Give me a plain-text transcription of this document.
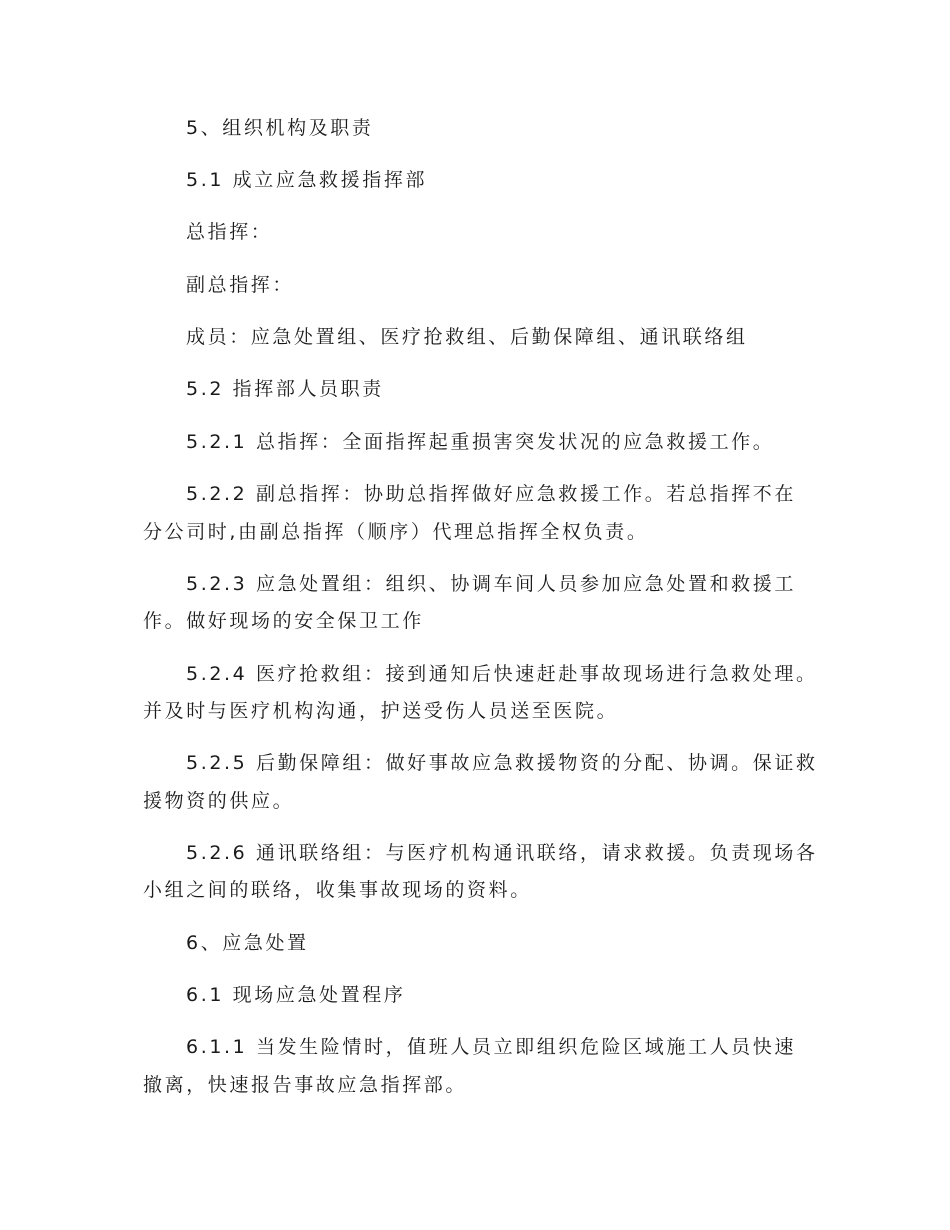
5、组织机构及职责

5.1 成立应急救援指挥部

总指挥：

副总指挥：

成员：应急处置组、医疗抢救组、后勤保障组、通讯联络组

5.2 指挥部人员职责

5.2.1 总指挥：全面指挥起重损害突发状况的应急救援工作。

5.2.2 副总指挥：协助总指挥做好应急救援工作。若总指挥不在

分公司时,由副总指挥（顺序）代理总指挥全权负责。

5.2.3 应急处置组：组织、协调车间人员参加应急处置和救援工

作。做好现场的安全保卫工作

5.2.4 医疗抢救组：接到通知后快速赶赴事故现场进行急救处理。

并及时与医疗机构沟通，护送受伤人员送至医院。

5.2.5 后勤保障组：做好事故应急救援物资的分配、协调。保证救

援物资的供应。

5.2.6 通讯联络组：与医疗机构通讯联络，请求救援。负责现场各

小组之间的联络，收集事故现场的资料。

6、应急处置

6.1 现场应急处置程序

6.1.1 当发生险情时，值班人员立即组织危险区域施工人员快速

撤离，快速报告事故应急指挥部。
